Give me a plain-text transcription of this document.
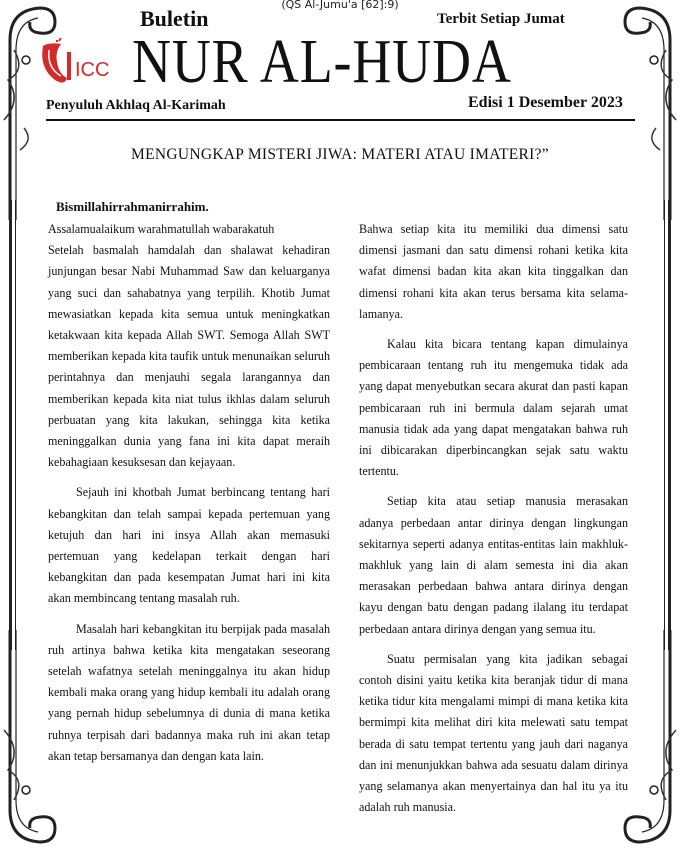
(QS Al-Jumu'a [62]:9)
Buletin	Terbit Setiap Jumat
ICC NUR AL-HUDA
Penyuluh Akhlaq Al-Karimah	Edisi 1 Desember 2023
MENGUNGKAP MISTERI JIWA: MATERI ATAU IMATERI?”
Bismillahirrahmanirrahim.

Assalamualaikum warahmatullah wabarakatuh

Setelah basmalah hamdalah dan shalawat kehadiran junjungan besar Nabi Muhammad Saw dan keluarganya yang suci dan sahabatnya yang terpilih. Khotib Jumat mewasiatkan kepada kita semua untuk meningkatkan ketakwaan kita kepada Allah SWT. Semoga Allah SWT memberikan kepada kita taufik untuk menunaikan seluruh perintahnya dan menjauhi segala larangannya dan memberikan kepada kita niat tulus ikhlas dalam seluruh perbuatan yang kita lakukan, sehingga kita ketika meninggalkan dunia yang fana ini kita dapat meraih kebahagiaan kesuksesan dan kejayaan.

Sejauh ini khotbah Jumat berbincang tentang hari kebangkitan dan telah sampai kepada pertemuan yang ketujuh dan hari ini insya Allah akan memasuki pertemuan yang kedelapan terkait dengan hari kebangkitan dan pada kesempatan Jumat hari ini kita akan membincang tentang masalah ruh.

Masalah hari kebangkitan itu berpijak pada masalah ruh artinya bahwa ketika kita mengatakan seseorang setelah wafatnya setelah meninggalnya itu akan hidup kembali maka orang yang hidup kembali itu adalah orang yang pernah hidup sebelumnya di dunia di mana ketika ruhnya terpisah dari badannya maka ruh ini akan tetap akan tetap bersamanya dan dengan kata lain.

Bahwa setiap kita itu memiliki dua dimensi satu dimensi jasmani dan satu dimensi rohani ketika kita wafat dimensi badan kita akan kita tinggalkan dan dimensi rohani kita akan terus bersama kita selama-lamanya.

Kalau kita bicara tentang kapan dimulainya pembicaraan tentang ruh itu mengemuka tidak ada yang dapat menyebutkan secara akurat dan pasti kapan pembicaraan ruh ini bermula dalam sejarah umat manusia tidak ada yang dapat mengatakan bahwa ruh ini dibicarakan diperbincangkan sejak satu waktu tertentu.

Setiap kita atau setiap manusia merasakan adanya perbedaan antar dirinya dengan lingkungan sekitarnya seperti adanya entitas-entitas lain makhluk-makhluk yang lain di alam semesta ini dia akan merasakan perbedaan bahwa antara dirinya dengan kayu dengan batu dengan padang ilalang itu terdapat perbedaan antara dirinya dengan yang semua itu.

Suatu permisalan yang kita jadikan sebagai contoh disini yaitu ketika kita beranjak tidur di mana ketika tidur kita mengalami mimpi di mana ketika kita bermimpi kita melihat diri kita melewati satu tempat berada di satu tempat tertentu yang jauh dari naganya dan ini menunjukkan bahwa ada sesuatu dalam dirinya yang selamanya akan menyertainya dan hal itu ya itu adalah ruh manusia.
